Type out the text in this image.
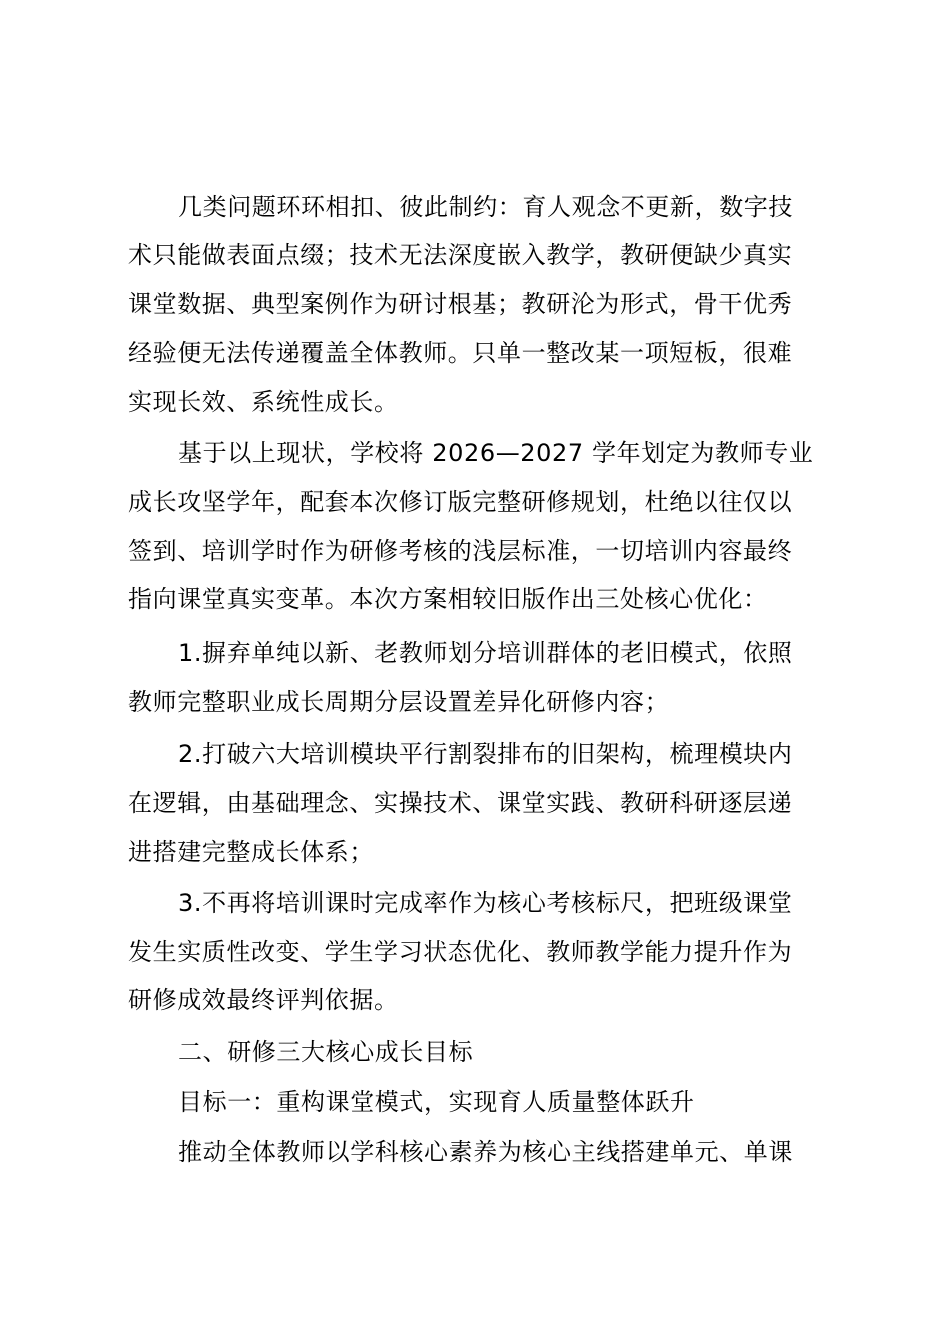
几类问题环环相扣、彼此制约：育人观念不更新，数字技
术只能做表面点缀；技术无法深度嵌入教学，教研便缺少真实
课堂数据、典型案例作为研讨根基；教研沦为形式，骨干优秀
经验便无法传递覆盖全体教师。只单一整改某一项短板，很难
实现长效、系统性成长。
基于以上现状，学校将 2026—2027 学年划定为教师专业
成长攻坚学年，配套本次修订版完整研修规划，杜绝以往仅以
签到、培训学时作为研修考核的浅层标准，一切培训内容最终
指向课堂真实变革。本次方案相较旧版作出三处核心优化：
1.摒弃单纯以新、老教师划分培训群体的老旧模式，依照
教师完整职业成长周期分层设置差异化研修内容；
2.打破六大培训模块平行割裂排布的旧架构，梳理模块内
在逻辑，由基础理念、实操技术、课堂实践、教研科研逐层递
进搭建完整成长体系；
3.不再将培训课时完成率作为核心考核标尺，把班级课堂
发生实质性改变、学生学习状态优化、教师教学能力提升作为
研修成效最终评判依据。
二、研修三大核心成长目标
目标一：重构课堂模式，实现育人质量整体跃升
推动全体教师以学科核心素养为核心主线搭建单元、单课
